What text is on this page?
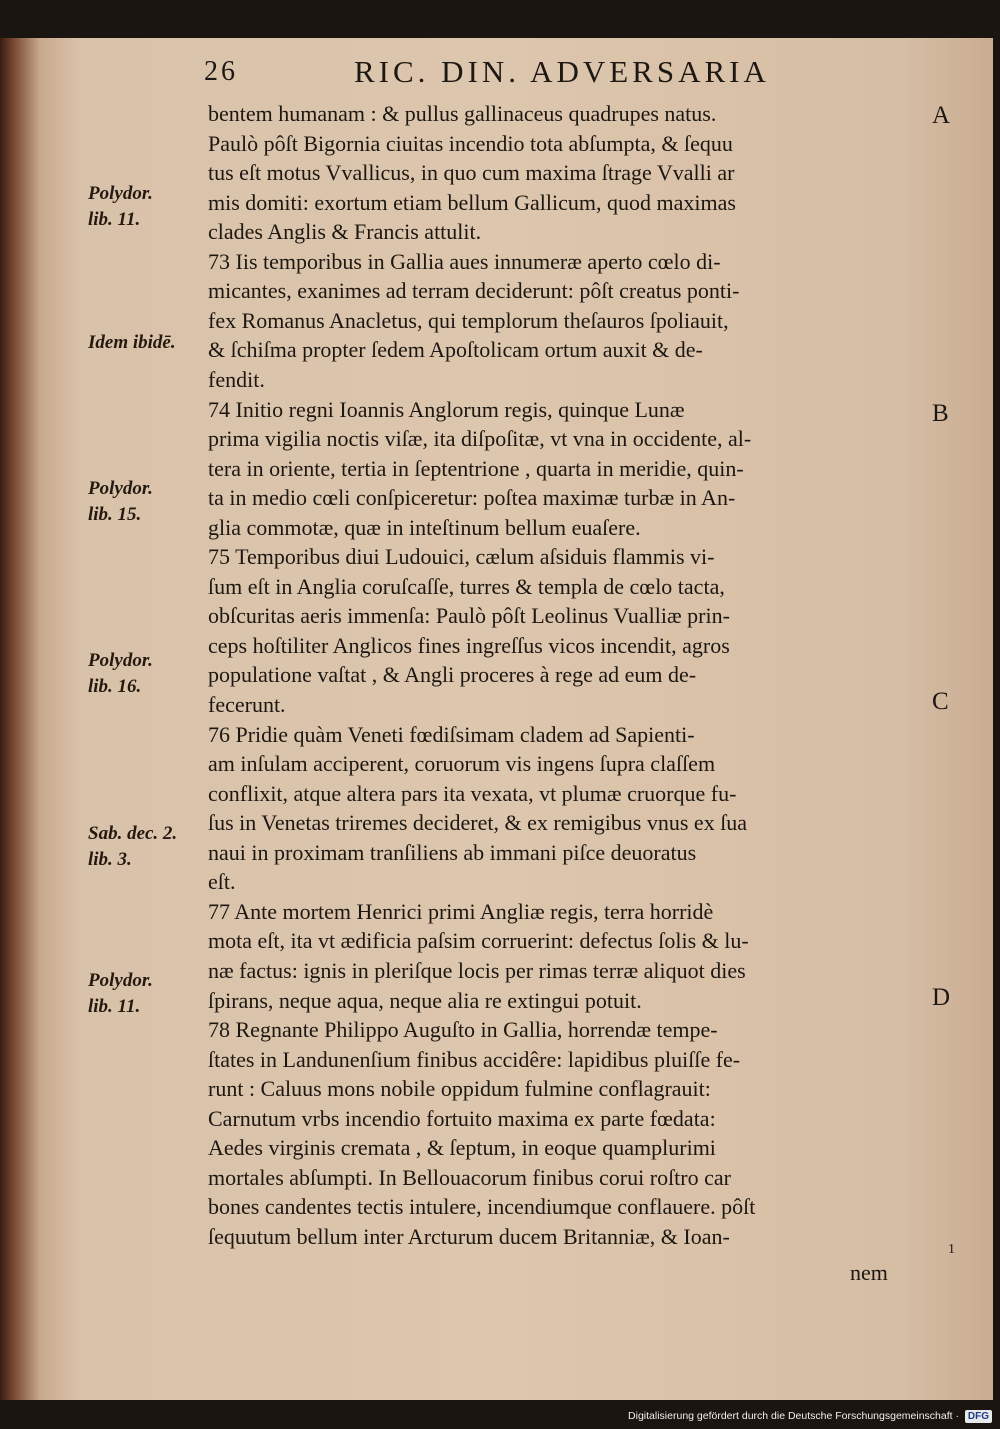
26	RIC. DIN. ADVERSARIA
bentem humanam : & pullus gallinaceus quadrupes natus.
Paulò pôſt Bigornia ciuitas incendio tota abſumpta, & ſequu
tus eſt motus Vvallicus, in quo cum maxima ſtrage Vvalli ar
mis domiti: exortum etiam bellum Gallicum, quod maximas
clades Anglis & Francis attulit.
73 Iis temporibus in Gallia aues innumeræ aperto cœlo di-
micantes, exanimes ad terram deciderunt: pôſt creatus ponti-
fex Romanus Anacletus, qui templorum theſauros ſpoliauit,
& ſchiſma propter ſedem Apoſtolicam ortum auxit & de-
fendit.
74 Initio regni Ioannis Anglorum regis, quinque Lunæ
prima vigilia noctis viſæ, ita diſpoſitæ, vt vna in occidente, al-
tera in oriente, tertia in ſeptentrione , quarta in meridie, quin-
ta in medio cœli conſpiceretur: poſtea maximæ turbæ in An-
glia commotæ, quæ in inteſtinum bellum euaſere.
75 Temporibus diui Ludouici, cælum aſsiduis flammis vi-
ſum eſt in Anglia coruſcaſſe, turres & templa de cœlo tacta,
obſcuritas aeris immenſa: Paulò pôſt Leolinus Vualliæ prin-
ceps hoſtiliter Anglicos fines ingreſſus vicos incendit, agros
populatione vaſtat , & Angli proceres à rege ad eum de-
fecerunt.
76 Pridie quàm Veneti fœdiſsimam cladem ad Sapienti-
am inſulam acciperent, coruorum vis ingens ſupra claſſem
conflixit, atque altera pars ita vexata, vt plumæ cruorque fu-
ſus in Venetas triremes decideret, & ex remigibus vnus ex ſua
naui in proximam tranſiliens ab immani piſce deuoratus
eſt.
77 Ante mortem Henrici primi Angliæ regis, terra horridè
mota eſt, ita vt ædificia paſsim corruerint: defectus ſolis & lu-
næ factus: ignis in pleriſque locis per rimas terræ aliquot dies
ſpirans, neque aqua, neque alia re extingui potuit.
78 Regnante Philippo Auguſto in Gallia, horrendæ tempe-
ſtates in Landunenſium finibus accidêre: lapidibus pluiſſe fe-
runt : Caluus mons nobile oppidum fulmine conflagrauit:
Carnutum vrbs incendio fortuito maxima ex parte fœdata:
Aedes virginis cremata , & ſeptum, in eoque quamplurimi
mortales abſumpti. In Bellouacorum finibus corui roſtro car
bones candentes tectis intulere, incendiumque conflauere. pôſt
ſequutum bellum inter Arcturum ducem Britanniæ, & Ioan-
Polydor.
lib. 11.
Idem ibidē.
Polydor.
lib. 15.
Polydor.
lib. 16.
Sab. dec. 2.
lib. 3.
Polydor.
lib. 11.
A
B
C
D
nem
1
Digitalisierung gefördert durch die Deutsche Forschungsgemeinschaft · DFG
